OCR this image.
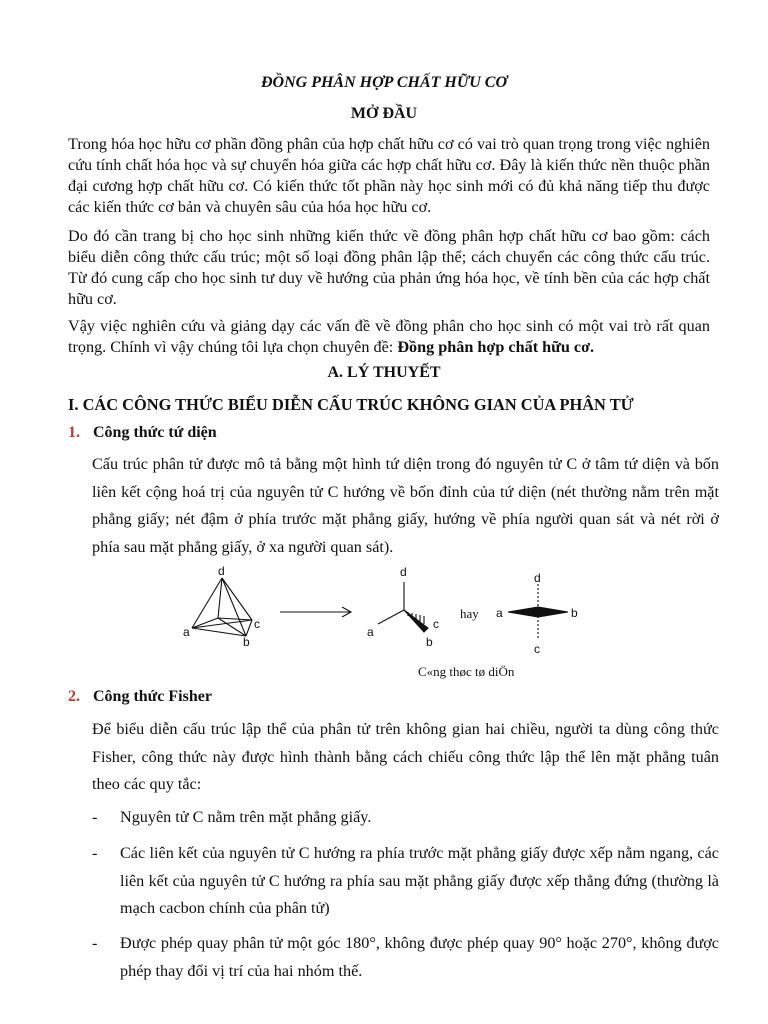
ĐỒNG PHÂN HỢP CHẤT HỮU CƠ

MỞ ĐẦU

Trong hóa học hữu cơ phần đồng phân của hợp chất hữu cơ có vai trò quan trọng trong việc nghiên cứu tính chất hóa học và sự chuyển hóa giữa các hợp chất hữu cơ. Đây là kiến thức nền thuộc phần đại cương hợp chất hữu cơ. Có kiến thức tốt phần này học sinh mới có đủ khả năng tiếp thu được các kiến thức cơ bản và chuyên sâu của hóa học hữu cơ.

Do đó cần trang bị cho học sinh những kiến thức về đồng phân hợp chất hữu cơ bao gồm: cách biểu diễn công thức cấu trúc; một số loại đồng phân lập thể; cách chuyển các công thức cấu trúc. Từ đó cung cấp cho học sinh tư duy về hướng của phản ứng hóa học, về tính bền của các hợp chất hữu cơ.

Vậy việc nghiên cứu và giảng dạy các vấn đề về đồng phân cho học sinh có một vai trò rất quan trọng. Chính vì vậy chúng tôi lựa chọn chuyên đề: Đồng phân hợp chất hữu cơ.

A. LÝ THUYẾT

I. CÁC CÔNG THỨC BIỂU DIỄN CẤU TRÚC KHÔNG GIAN CỦA PHÂN TỬ

1. Công thức tứ diện

Cấu trúc phân tử được mô tả bằng một hình tứ diện trong đó nguyên tử C ở tâm tứ diện và bốn liên kết cộng hoá trị của nguyên tử C hướng về bốn đỉnh của tứ diện (nét thường nằm trên mặt phẳng giấy; nét đậm ở phía trước mặt phẳng giấy, hướng về phía người quan sát và nét rời ở phía sau mặt phẳng giấy, ở xa người quan sát).

d
a
b
c
d
a
b
c
hay
d
a	b
c
C«ng thøc tø diÖn

2. Công thức Fisher

Để biểu diễn cấu trúc lập thể của phân tử trên không gian hai chiều, người ta dùng công thức Fisher, công thức này được hình thành bằng cách chiếu công thức lập thể lên mặt phẳng tuân theo các quy tắc:

- Nguyên tử C nằm trên mặt phẳng giấy.
- Các liên kết của nguyên tử C hướng ra phía trước mặt phẳng giấy được xếp nằm ngang, các liên kết của nguyên tử C hướng ra phía sau mặt phẳng giấy được xếp thẳng đứng (thường là mạch cacbon chính của phân tử)
- Được phép quay phân tử một góc 180°, không được phép quay 90° hoặc 270°, không được phép thay đổi vị trí của hai nhóm thế.
